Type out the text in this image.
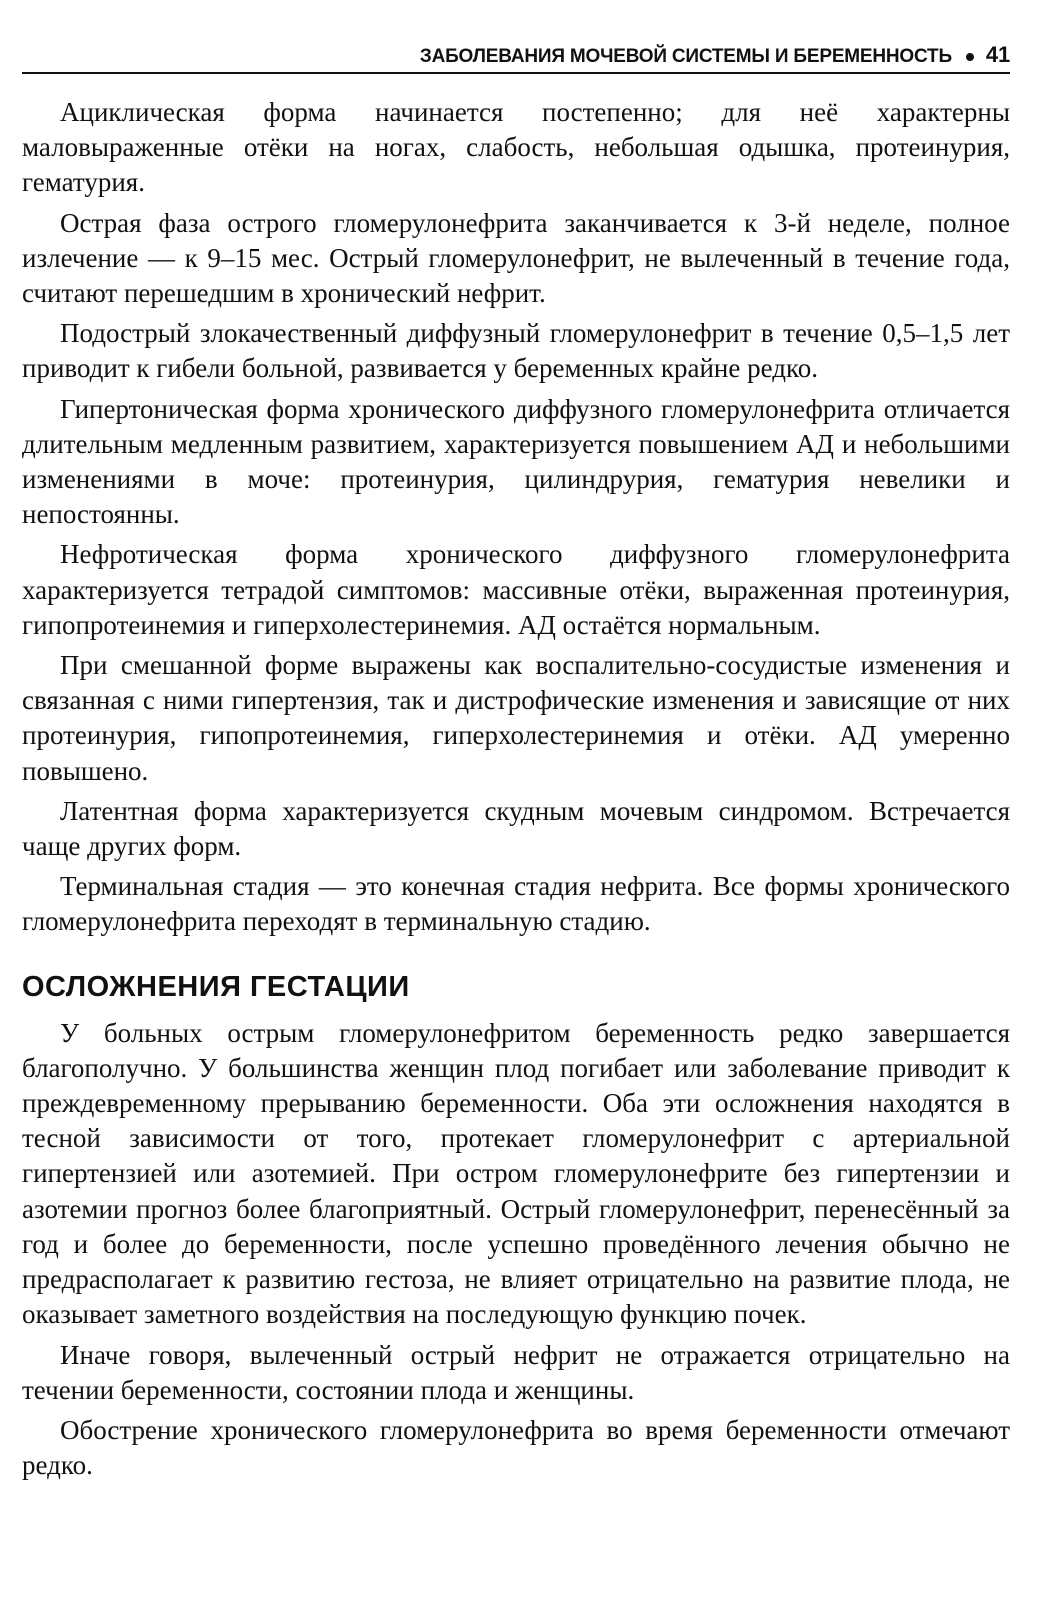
ЗАБОЛЕВАНИЯ МОЧЕВОЙ СИСТЕМЫ И БЕРЕМЕННОСТЬ 41

Ациклическая форма начинается постепенно; для неё характерны маловыраженные отёки на ногах, слабость, небольшая одышка, протеинурия, гематурия.

Острая фаза острого гломерулонефрита заканчивается к 3-й неделе, полное излечение — к 9–15 мес. Острый гломерулонефрит, не вылеченный в течение года, считают перешедшим в хронический нефрит.

Подострый злокачественный диффузный гломерулонефрит в течение 0,5–1,5 лет приводит к гибели больной, развивается у беременных крайне редко.

Гипертоническая форма хронического диффузного гломерулонефрита отличается длительным медленным развитием, характеризуется повышением АД и небольшими изменениями в моче: протеинурия, цилиндрурия, гематурия невелики и непостоянны.

Нефротическая форма хронического диффузного гломерулонефрита характеризуется тетрадой симптомов: массивные отёки, выраженная протеинурия, гипопротеинемия и гиперхолестеринемия. АД остаётся нормальным.

При смешанной форме выражены как воспалительно-сосудистые изменения и связанная с ними гипертензия, так и дистрофические изменения и зависящие от них протеинурия, гипопротеинемия, гиперхолестеринемия и отёки. АД умеренно повышено.

Латентная форма характеризуется скудным мочевым синдромом. Встречается чаще других форм.

Терминальная стадия — это конечная стадия нефрита. Все формы хронического гломерулонефрита переходят в терминальную стадию.

ОСЛОЖНЕНИЯ ГЕСТАЦИИ

У больных острым гломерулонефритом беременность редко завершается благополучно. У большинства женщин плод погибает или заболевание приводит к преждевременному прерыванию беременности. Оба эти осложнения находятся в тесной зависимости от того, протекает гломерулонефрит с артериальной гипертензией или азотемией. При остром гломерулонефрите без гипертензии и азотемии прогноз более благоприятный. Острый гломерулонефрит, перенесённый за год и более до беременности, после успешно проведённого лечения обычно не предрасполагает к развитию гестоза, не влияет отрицательно на развитие плода, не оказывает заметного воздействия на последующую функцию почек.

Иначе говоря, вылеченный острый нефрит не отражается отрицательно на течении беременности, состоянии плода и женщины.

Обострение хронического гломерулонефрита во время беременности отмечают редко.
